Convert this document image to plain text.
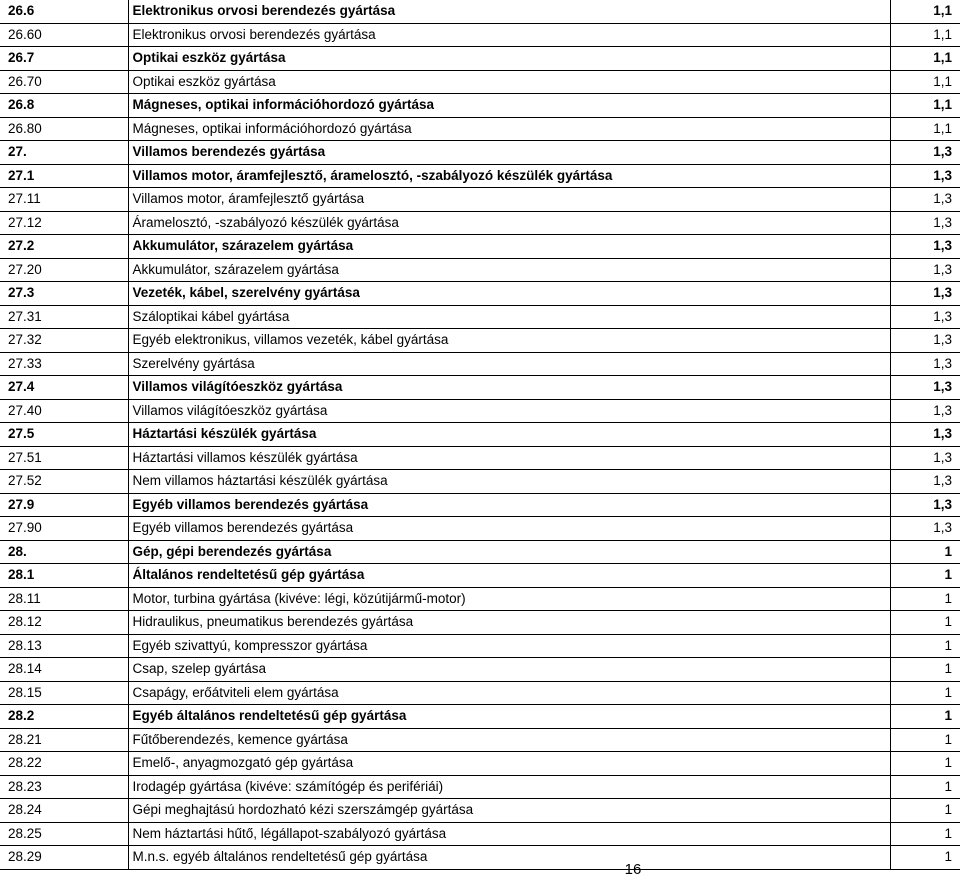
26.6	Elektronikus orvosi berendezés gyártása	1,1
26.60	Elektronikus orvosi berendezés gyártása	1,1
26.7	Optikai eszköz gyártása	1,1
26.70	Optikai eszköz gyártása	1,1
26.8	Mágneses, optikai információhordozó gyártása	1,1
26.80	Mágneses, optikai információhordozó gyártása	1,1
27.	Villamos berendezés gyártása	1,3
27.1	Villamos motor, áramfejlesztő, áramelosztó, -szabályozó készülék gyártása	1,3
27.11	Villamos motor, áramfejlesztő gyártása	1,3
27.12	Áramelosztó, -szabályozó készülék gyártása	1,3
27.2	Akkumulátor, szárazelem gyártása	1,3
27.20	Akkumulátor, szárazelem gyártása	1,3
27.3	Vezeték, kábel, szerelvény gyártása	1,3
27.31	Száloptikai kábel gyártása	1,3
27.32	Egyéb elektronikus, villamos vezeték, kábel gyártása	1,3
27.33	Szerelvény gyártása	1,3
27.4	Villamos világítóeszköz gyártása	1,3
27.40	Villamos világítóeszköz gyártása	1,3
27.5	Háztartási készülék gyártása	1,3
27.51	Háztartási villamos készülék gyártása	1,3
27.52	Nem villamos háztartási készülék gyártása	1,3
27.9	Egyéb villamos berendezés gyártása	1,3
27.90	Egyéb villamos berendezés gyártása	1,3
28.	Gép, gépi berendezés gyártása	1
28.1	Általános rendeltetésű gép gyártása	1
28.11	Motor, turbina gyártása (kivéve: légi, közútijármű-motor)	1
28.12	Hidraulikus, pneumatikus berendezés gyártása	1
28.13	Egyéb szivattyú, kompresszor gyártása	1
28.14	Csap, szelep gyártása	1
28.15	Csapágy, erőátviteli elem gyártása	1
28.2	Egyéb általános rendeltetésű gép gyártása	1
28.21	Fűtőberendezés, kemence gyártása	1
28.22	Emelő-, anyagmozgató gép gyártása	1
28.23	Irodagép gyártása (kivéve: számítógép és perifériái)	1
28.24	Gépi meghajtású hordozható kézi szerszámgép gyártása	1
28.25	Nem háztartási hűtő, légállapot-szabályozó gyártása	1
28.29	M.n.s. egyéb általános rendeltetésű gép gyártása	1
16
